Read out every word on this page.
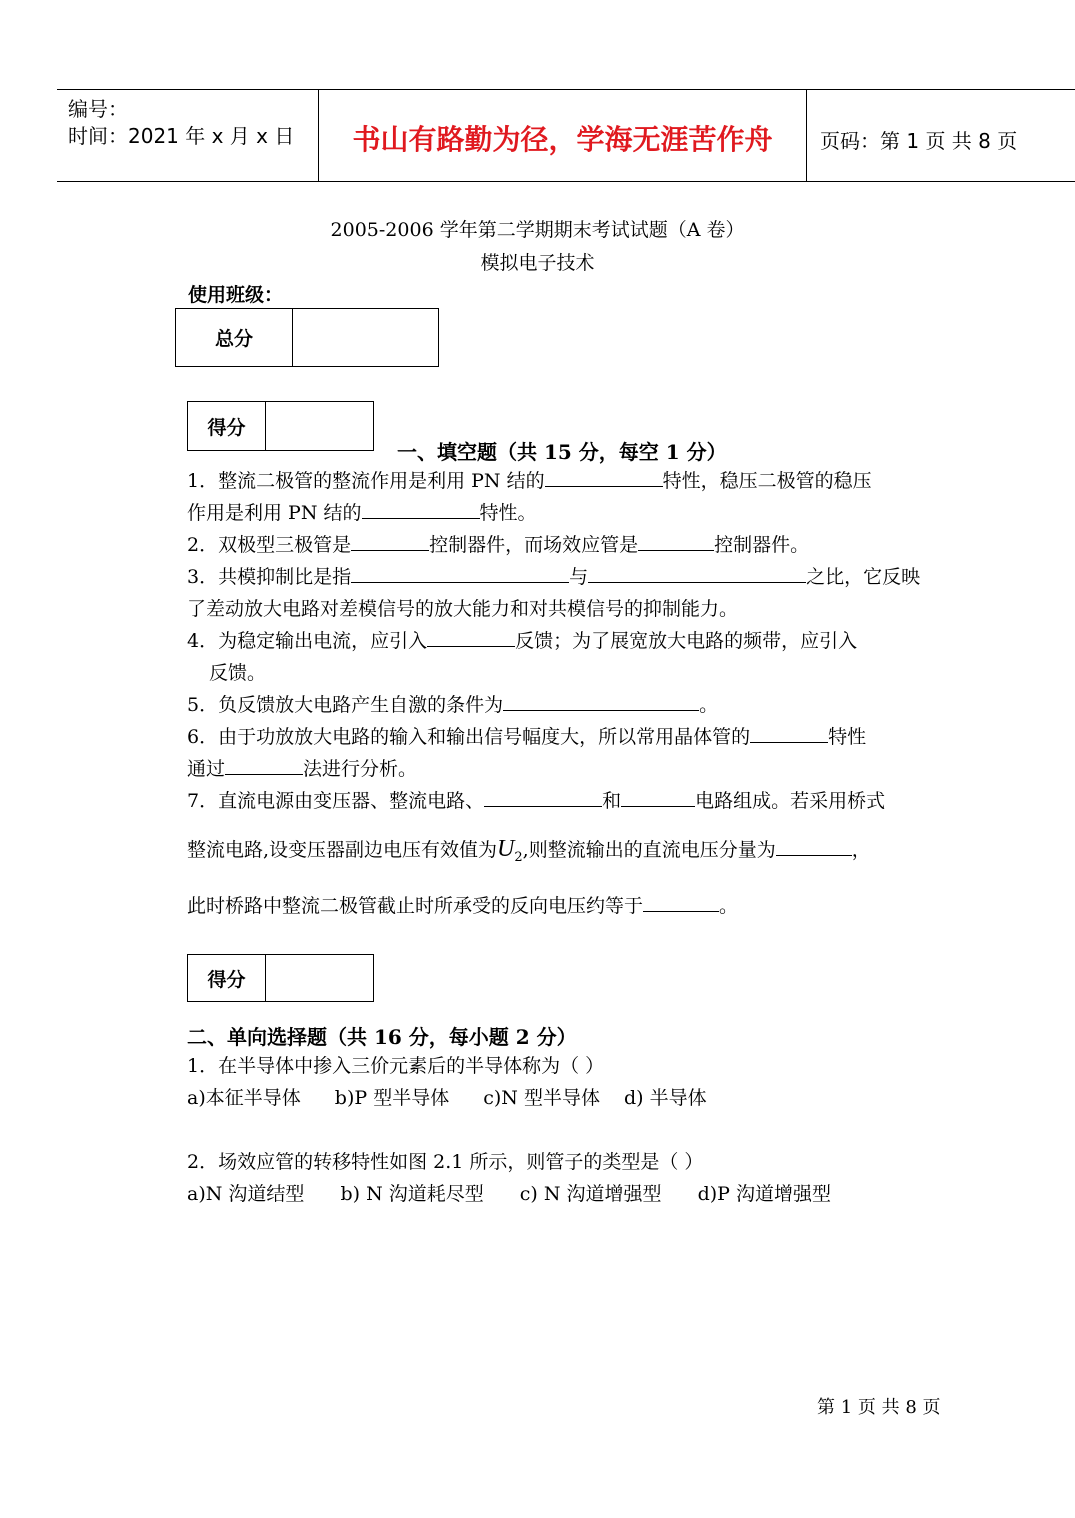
编号：
时间：2021 年 x 月 x 日	书山有路勤为径，学海无涯苦作舟	页码：第 1 页 共 8 页
2005-2006 学年第二学期期末考试试题（A 卷）
模拟电子技术
使用班级：
总分	
得分	
一、填空题（共 15 分，每空 1 分）
1．整流二极管的整流作用是利用 PN 结的	特性，稳压二极管的稳压
作用是利用 PN 结的	特性。
2．双极型三极管是	控制器件，而场效应管是	控制器件。
3．共模抑制比是指	与	之比，它反映
了差动放大电路对差模信号的放大能力和对共模信号的抑制能力。
4．为稳定输出电流，应引入	反馈；为了展宽放大电路的频带，应引入
反馈。
5．负反馈放大电路产生自激的条件为	。
6．由于功放放大电路的输入和输出信号幅度大，所以常用晶体管的	特性
通过	法进行分析。
7．直流电源由变压器、整流电路、	和	电路组成。若采用桥式
整流电路,设变压器副边电压有效值为$U_2$,则整流输出的直流电压分量为	，
此时桥路中整流二极管截止时所承受的反向电压约等于	。
得分	
二、单向选择题（共 16 分，每小题 2 分）
1．在半导体中掺入三价元素后的半导体称为（ ）
a)本征半导体 b)P 型半导体 c)N 型半导体 d) 半导体
2．场效应管的转移特性如图 2.1 所示，则管子的类型是（ ）
a)N 沟道结型 b) N 沟道耗尽型 c) N 沟道增强型 d)P 沟道增强型
第 1 页 共 8 页
